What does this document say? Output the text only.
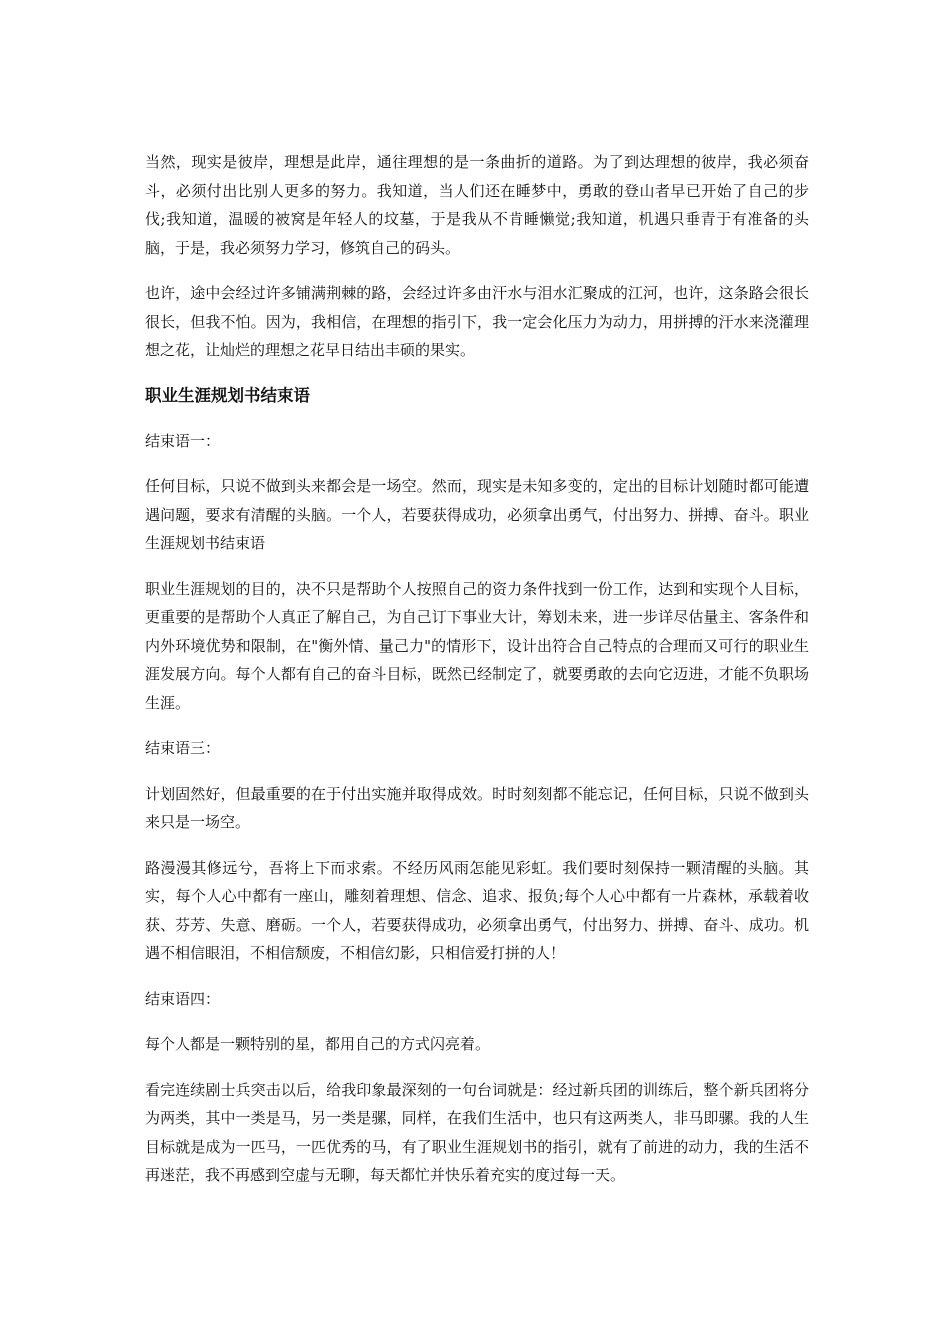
当然，现实是彼岸，理想是此岸，通往理想的是一条曲折的道路。为了到达理想的彼岸，我必须奋斗，必须付出比别人更多的努力。我知道，当人们还在睡梦中，勇敢的登山者早已开始了自己的步伐;我知道，温暖的被窝是年轻人的坟墓，于是我从不肯睡懒觉;我知道，机遇只垂青于有准备的头脑，于是，我必须努力学习，修筑自己的码头。

也许，途中会经过许多铺满荆棘的路，会经过许多由汗水与泪水汇聚成的江河，也许，这条路会很长很长，但我不怕。因为，我相信，在理想的指引下，我一定会化压力为动力，用拼搏的汗水来浇灌理想之花，让灿烂的理想之花早日结出丰硕的果实。

职业生涯规划书结束语

结束语一：

任何目标，只说不做到头来都会是一场空。然而，现实是未知多变的，定出的目标计划随时都可能遭遇问题，要求有清醒的头脑。一个人，若要获得成功，必须拿出勇气，付出努力、拼搏、奋斗。职业生涯规划书结束语

职业生涯规划的目的，决不只是帮助个人按照自己的资力条件找到一份工作，达到和实现个人目标，更重要的是帮助个人真正了解自己，为自己订下事业大计，筹划未来，进一步详尽估量主、客条件和内外环境优势和限制，在"衡外情、量己力"的情形下，设计出符合自己特点的合理而又可行的职业生涯发展方向。每个人都有自己的奋斗目标，既然已经制定了，就要勇敢的去向它迈进，才能不负职场生涯。

结束语三：

计划固然好，但最重要的在于付出实施并取得成效。时时刻刻都不能忘记，任何目标，只说不做到头来只是一场空。

路漫漫其修远兮，吾将上下而求索。不经历风雨怎能见彩虹。我们要时刻保持一颗清醒的头脑。其实，每个人心中都有一座山，雕刻着理想、信念、追求、报负;每个人心中都有一片森林，承载着收获、芬芳、失意、磨砺。一个人，若要获得成功，必须拿出勇气，付出努力、拼搏、奋斗、成功。机遇不相信眼泪，不相信颓废，不相信幻影，只相信爱打拼的人！

结束语四：

每个人都是一颗特别的星，都用自己的方式闪亮着。

看完连续剧士兵突击以后，给我印象最深刻的一句台词就是：经过新兵团的训练后，整个新兵团将分为两类，其中一类是马，另一类是骡，同样，在我们生活中，也只有这两类人，非马即骡。我的人生目标就是成为一匹马，一匹优秀的马，有了职业生涯规划书的指引，就有了前进的动力，我的生活不再迷茫，我不再感到空虚与无聊，每天都忙并快乐着充实的度过每一天。
